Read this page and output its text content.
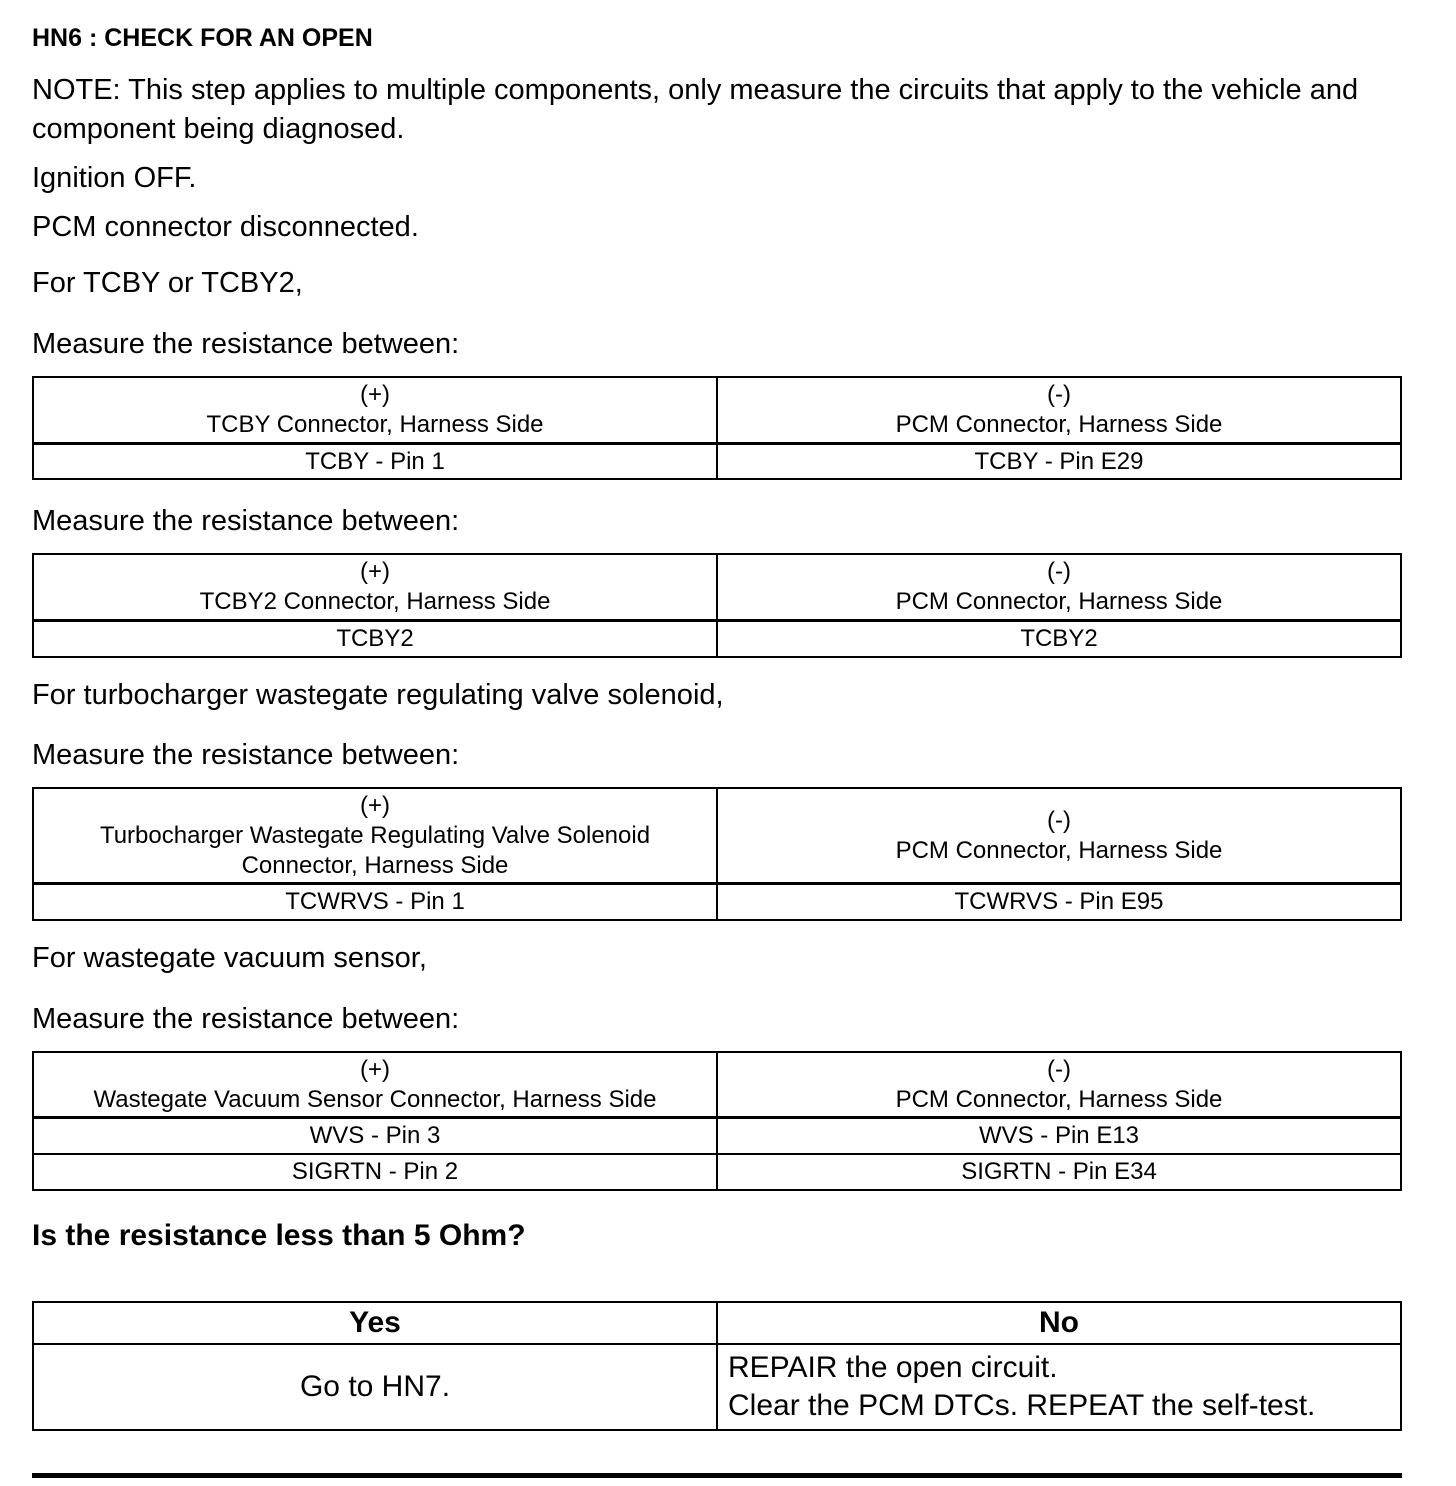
HN6 : CHECK FOR AN OPEN

NOTE: This step applies to multiple components, only measure the circuits that apply to the vehicle and component being diagnosed.

Ignition OFF.

PCM connector disconnected.

For TCBY or TCBY2,

Measure the resistance between:

(+)
TCBY Connector, Harness Side

(-)
PCM Connector, Harness Side

TCBY - Pin 1	TCBY - Pin E29

Measure the resistance between:

(+)
TCBY2 Connector, Harness Side

(-)
PCM Connector, Harness Side

TCBY2	TCBY2

For turbocharger wastegate regulating valve solenoid,

Measure the resistance between:

(+)
Turbocharger Wastegate Regulating Valve Solenoid Connector, Harness Side

(-)
PCM Connector, Harness Side

TCWRVS - Pin 1	TCWRVS - Pin E95

For wastegate vacuum sensor,

Measure the resistance between:

(+)
Wastegate Vacuum Sensor Connector, Harness Side

(-)
PCM Connector, Harness Side

WVS - Pin 3	WVS - Pin E13
SIGRTN - Pin 2	SIGRTN - Pin E34
Is the resistance less than 5 Ohm?
Yes	No
Go to HN7.	REPAIR the open circuit.
Clear the PCM DTCs. REPEAT the self-test.
